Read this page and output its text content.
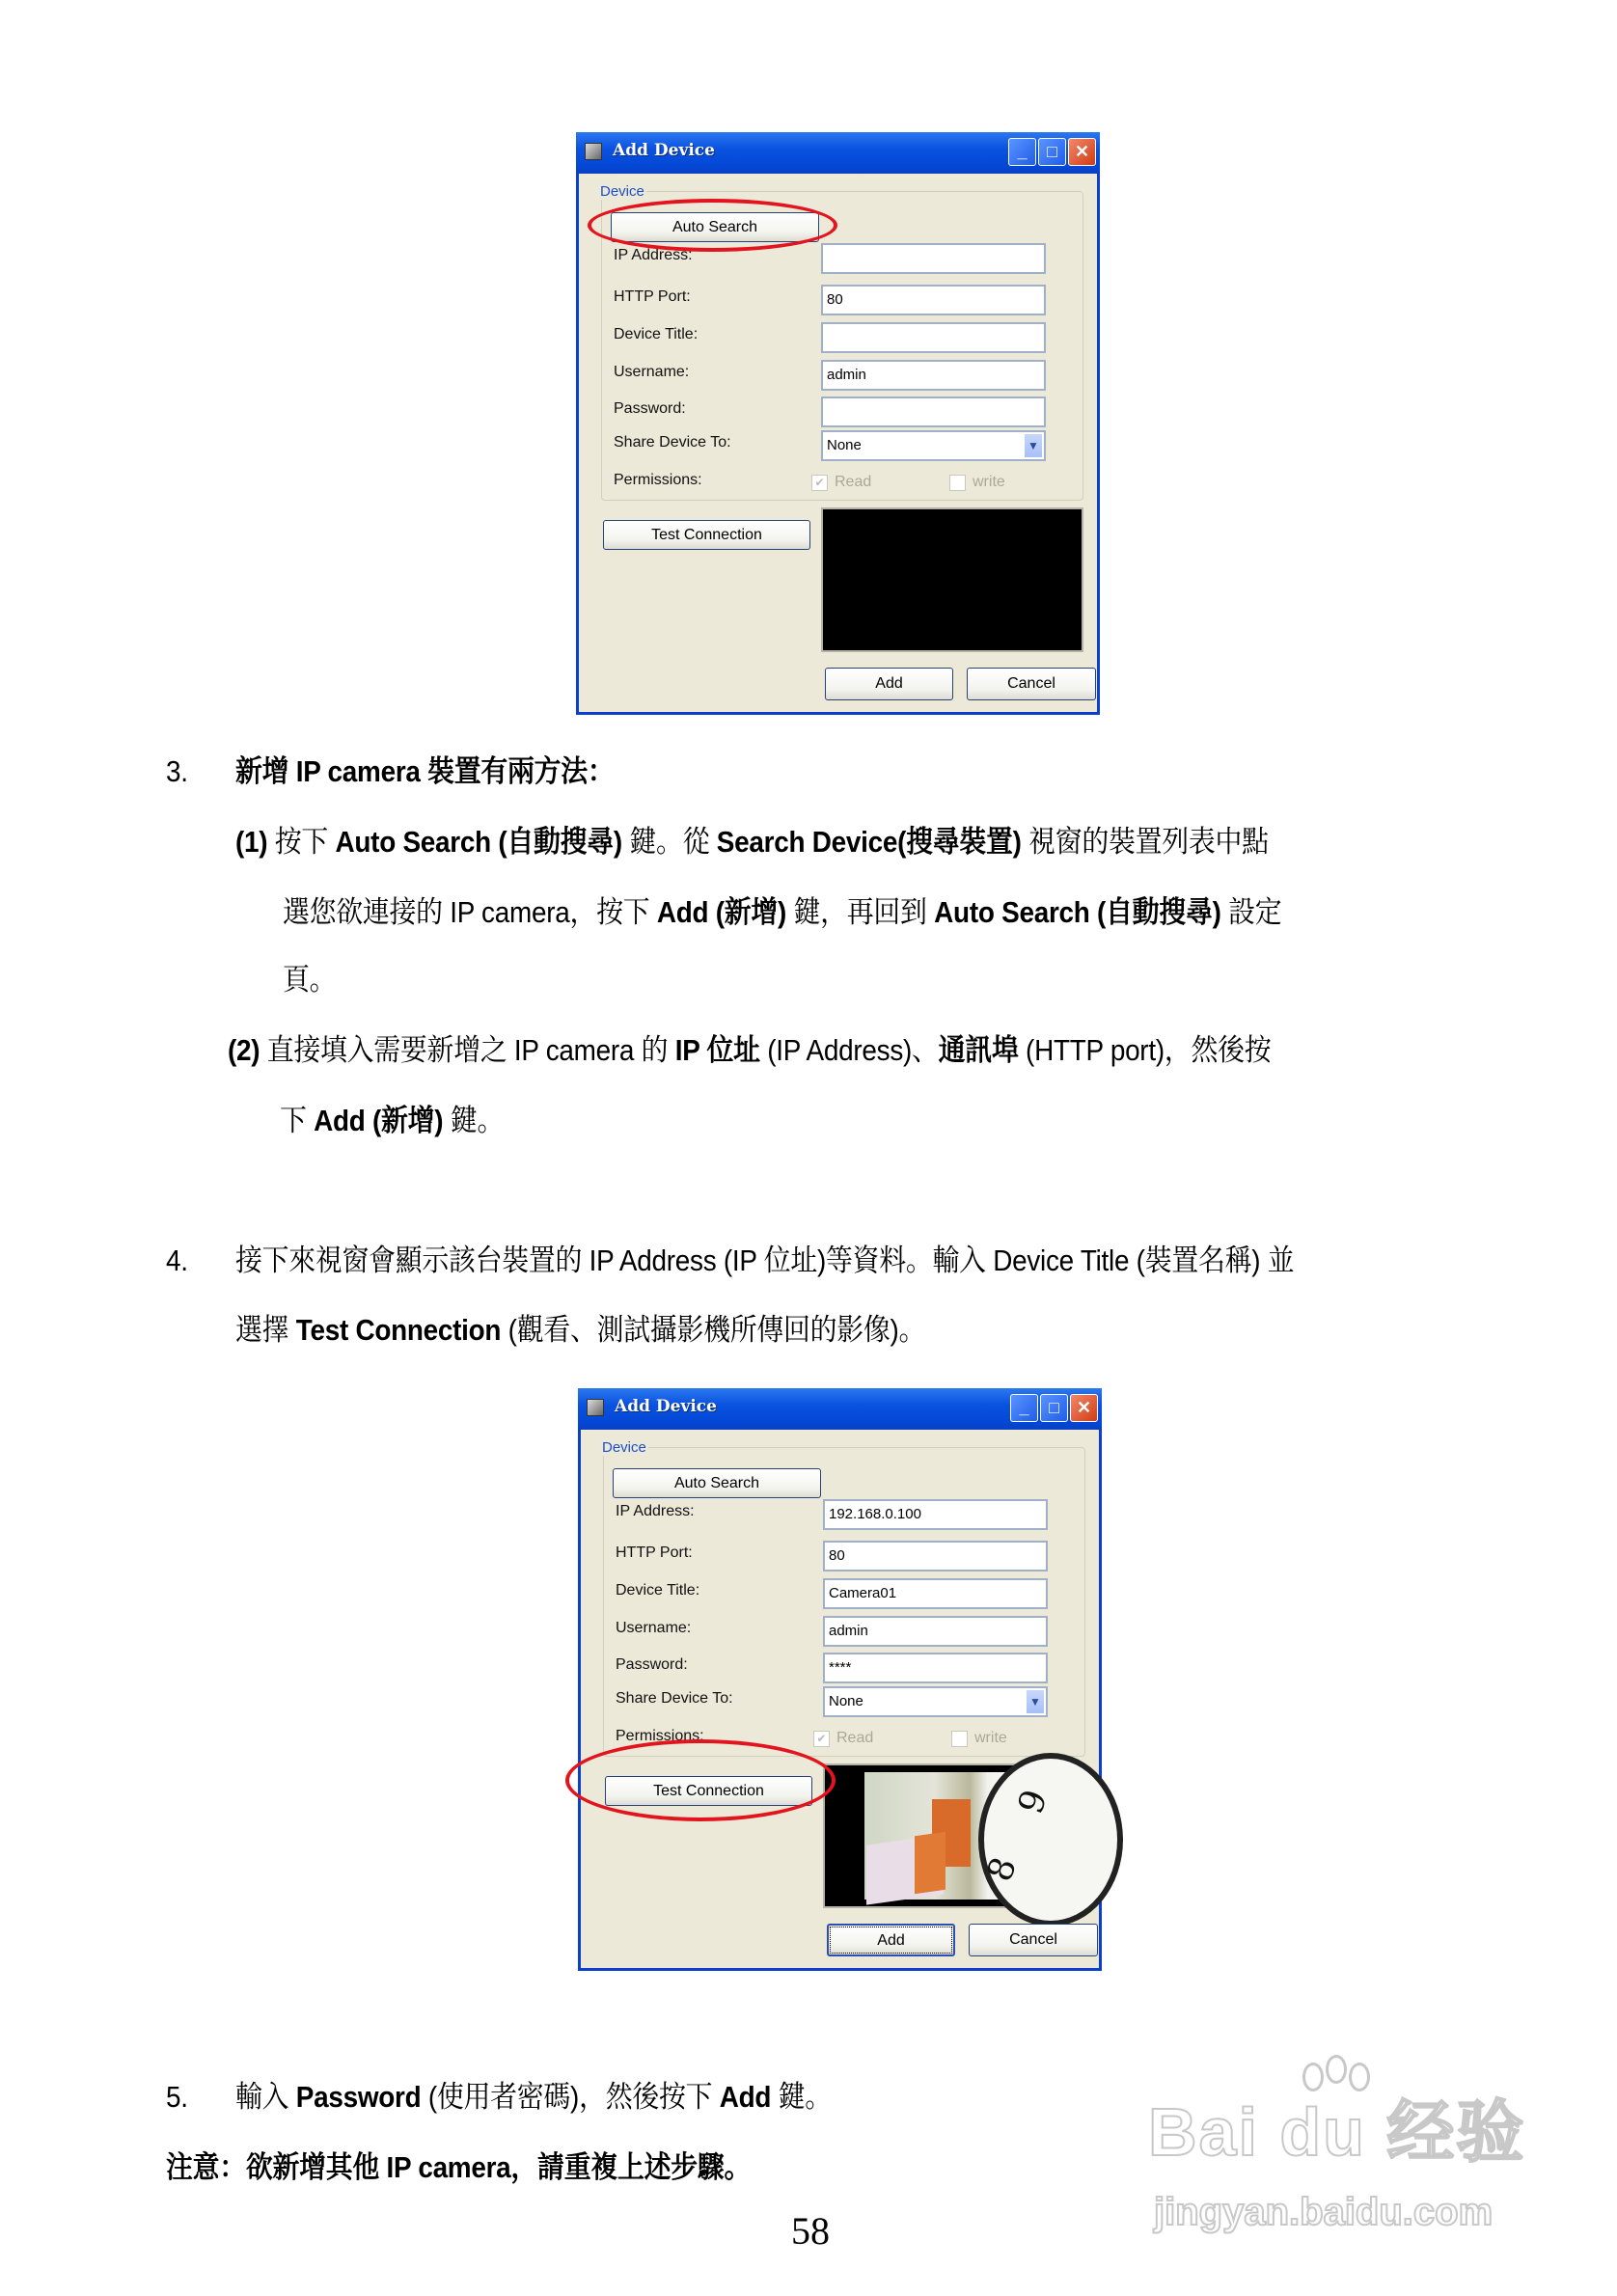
Add Device	_	□	✕
Device
Auto Search
IP Address:
HTTP Port:	80
Device Title:
Username:	admin
Password:
Share Device To:	None	▼
Permissions:	✔ Read	write
Test Connection
Add	Cancel
Add Device	_	□	✕
Device
Auto Search
IP Address:	192.168.0.100
HTTP Port:	80
Device Title:	Camera01
Username:	admin
Password:	****
Share Device To:	None	▼
Permissions:	✔ Read	write
Test Connection
8
9
Add	Cancel
3. 新增 IP camera 裝置有兩方法：
(1) 按下 Auto Search (自動搜尋) 鍵。從 Search Device(搜尋裝置) 視窗的裝置列表中點
選您欲連接的 IP camera，按下 Add (新增) 鍵，再回到 Auto Search (自動搜尋) 設定
頁。
(2) 直接填入需要新增之 IP camera 的 IP 位址 (IP Address)、通訊埠 (HTTP port)，然後按
下 Add (新增) 鍵。
4. 接下來視窗會顯示該台裝置的 IP Address (IP 位址)等資料。輸入 Device Title (裝置名稱) 並
選擇 Test Connection (觀看、測試攝影機所傳回的影像)。
5. 輸入 Password (使用者密碼)，然後按下 Add 鍵。
注意：欲新增其他 IP camera，請重複上述步驟。
58
Bai du 经验
jingyan.baidu.com
